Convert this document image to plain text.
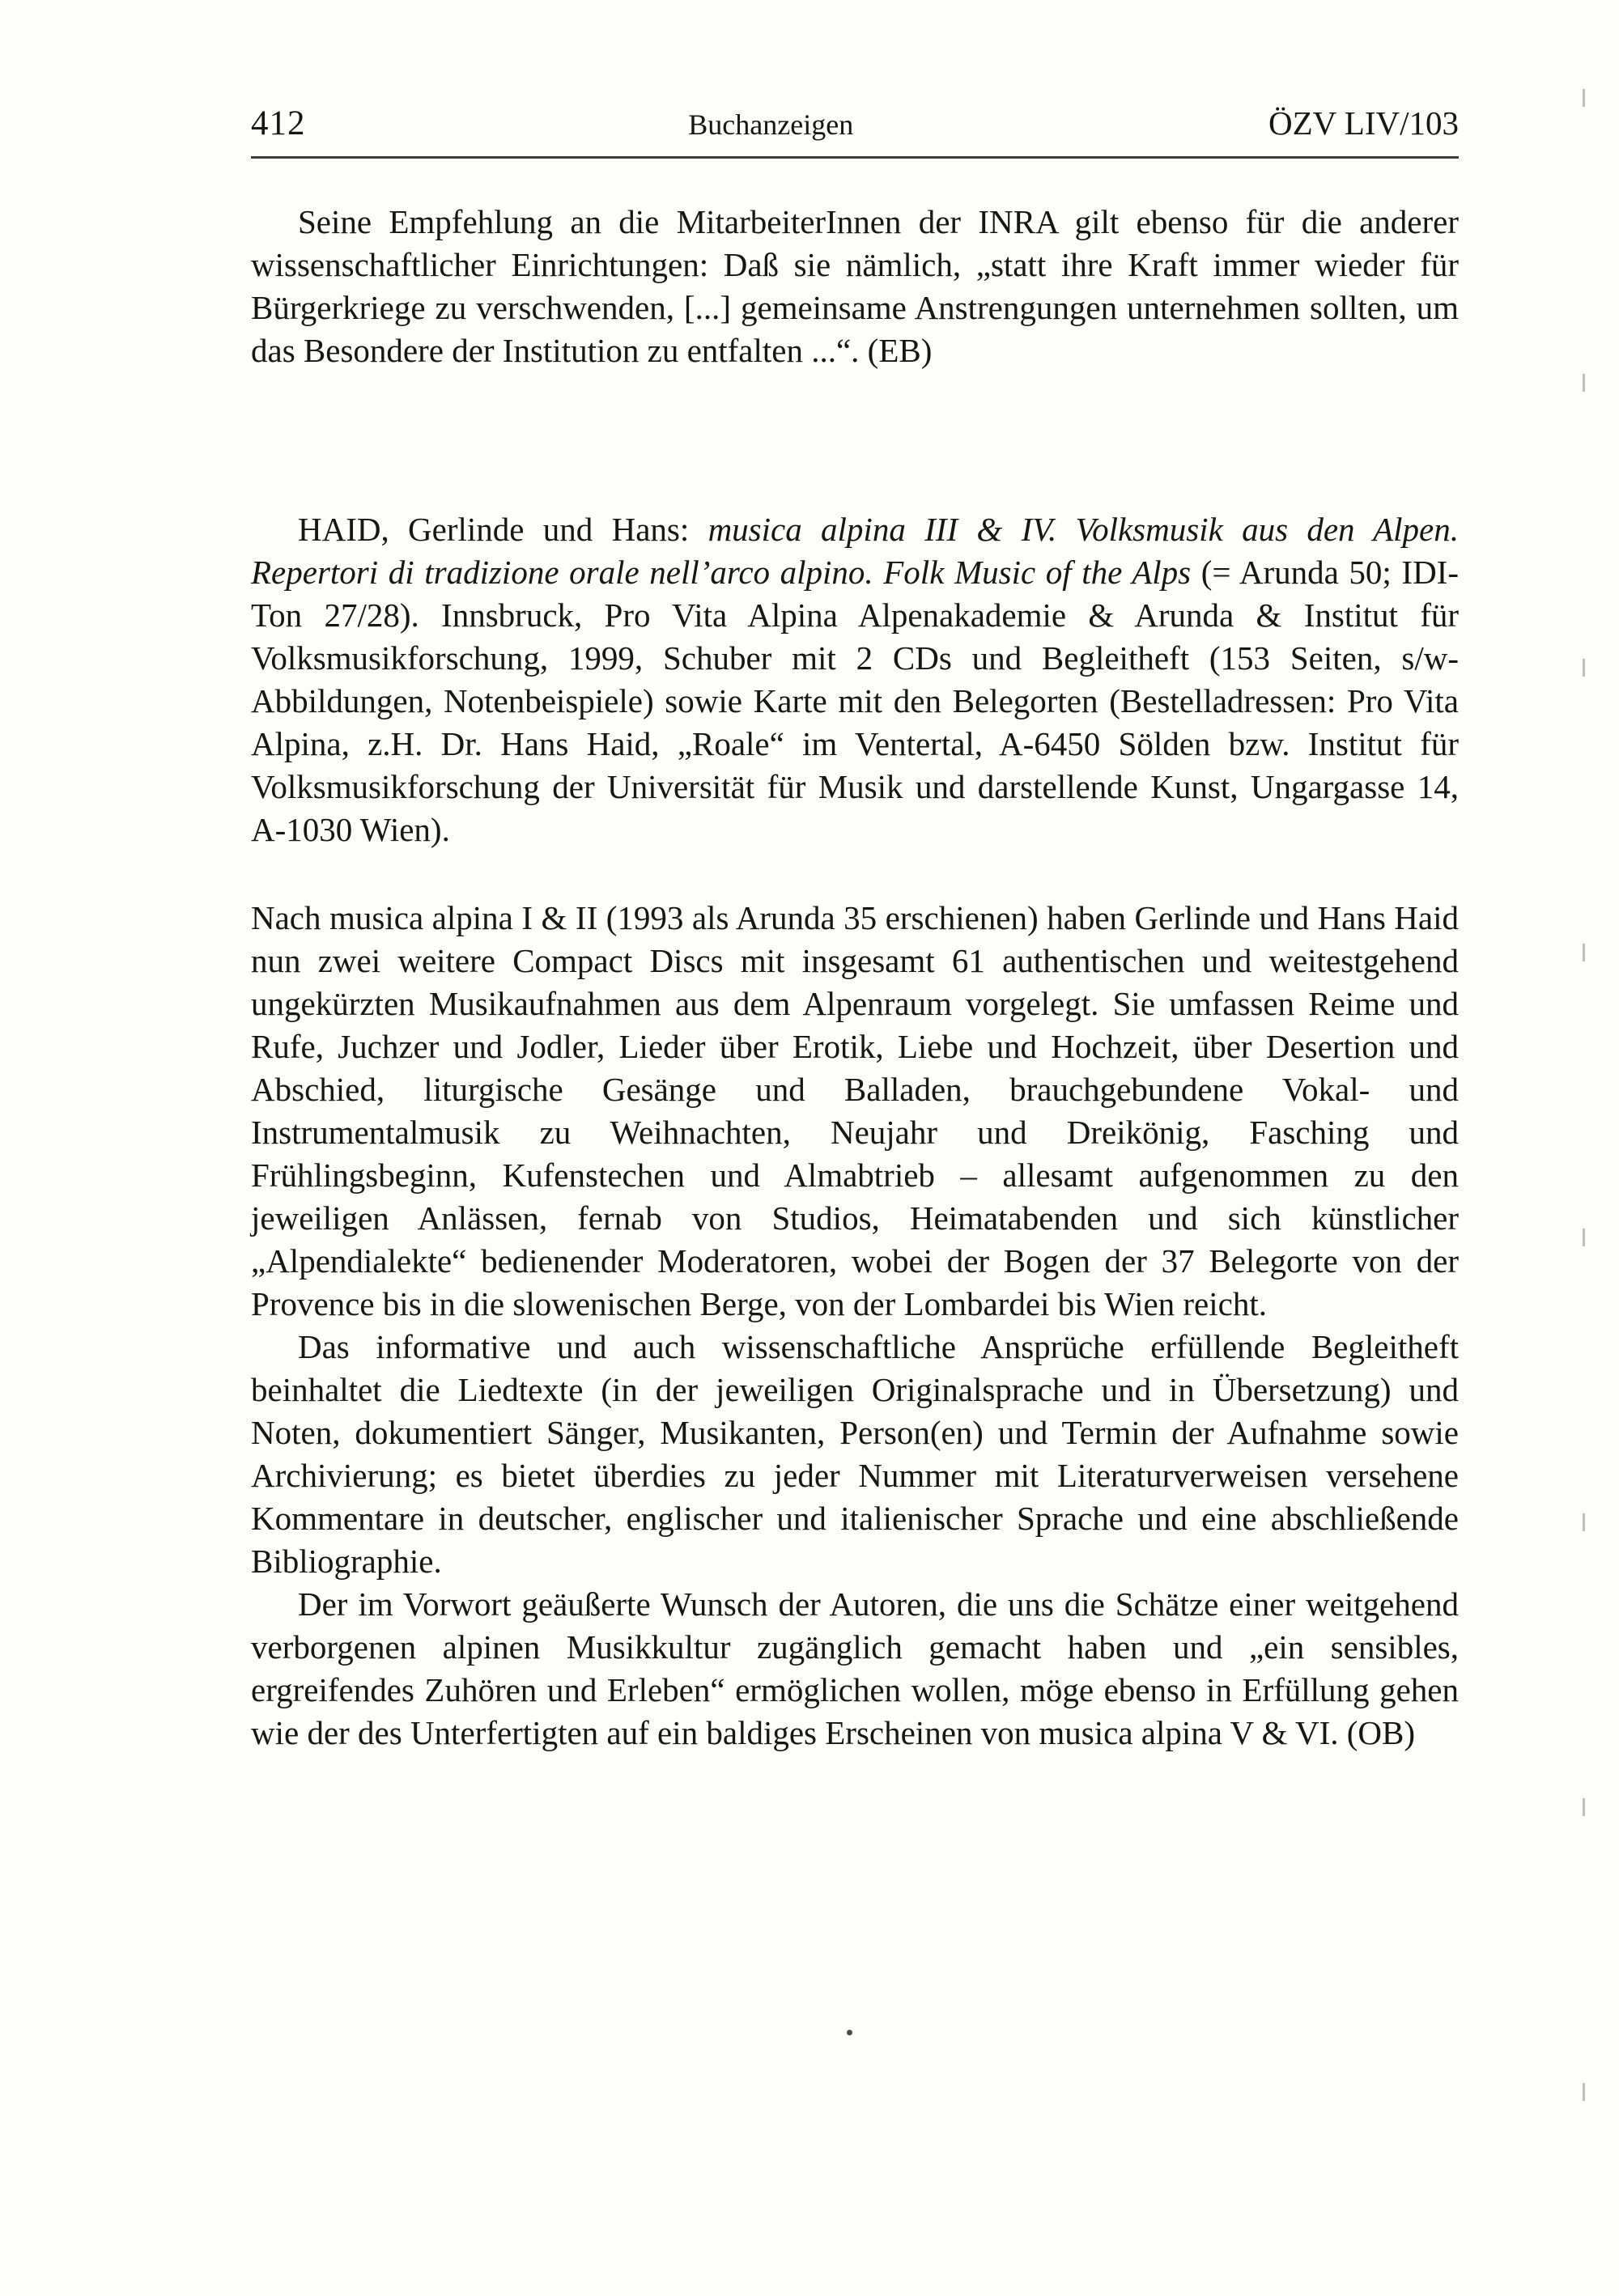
412	Buchanzeigen	ÖZV LIV/103

Seine Empfehlung an die MitarbeiterInnen der INRA gilt ebenso für die anderer wissenschaftlicher Einrichtungen: Daß sie nämlich, „statt ihre Kraft immer wieder für Bürgerkriege zu verschwenden, [...] gemeinsame Anstrengungen unternehmen sollten, um das Besondere der Institution zu entfalten ...“. (EB)

HAID, Gerlinde und Hans: musica alpina III & IV. Volksmusik aus den Alpen. Repertori di tradizione orale nell’arco alpino. Folk Music of the Alps (= Arunda 50; IDI-Ton 27/28). Innsbruck, Pro Vita Alpina Alpenakademie & Arunda & Institut für Volksmusikforschung, 1999, Schuber mit 2 CDs und Begleitheft (153 Seiten, s/w-Abbildungen, Notenbeispiele) sowie Karte mit den Belegorten (Bestelladressen: Pro Vita Alpina, z.H. Dr. Hans Haid, „Roale“ im Ventertal, A-6450 Sölden bzw. Institut für Volksmusikforschung der Universität für Musik und darstellende Kunst, Ungargasse 14, A-1030 Wien).

Nach musica alpina I & II (1993 als Arunda 35 erschienen) haben Gerlinde und Hans Haid nun zwei weitere Compact Discs mit insgesamt 61 authentischen und weitestgehend ungekürzten Musikaufnahmen aus dem Alpenraum vorgelegt. Sie umfassen Reime und Rufe, Juchzer und Jodler, Lieder über Erotik, Liebe und Hochzeit, über Desertion und Abschied, liturgische Gesänge und Balladen, brauchgebundene Vokal- und Instrumentalmusik zu Weihnachten, Neujahr und Dreikönig, Fasching und Frühlingsbeginn, Kufenstechen und Almabtrieb – allesamt aufgenommen zu den jeweiligen Anlässen, fernab von Studios, Heimatabenden und sich künstlicher „Alpendialekte“ bedienender Moderatoren, wobei der Bogen der 37 Belegorte von der Provence bis in die slowenischen Berge, von der Lombardei bis Wien reicht.

Das informative und auch wissenschaftliche Ansprüche erfüllende Begleitheft beinhaltet die Liedtexte (in der jeweiligen Originalsprache und in Übersetzung) und Noten, dokumentiert Sänger, Musikanten, Person(en) und Termin der Aufnahme sowie Archivierung; es bietet überdies zu jeder Nummer mit Literaturverweisen versehene Kommentare in deutscher, englischer und italienischer Sprache und eine abschließende Bibliographie.

Der im Vorwort geäußerte Wunsch der Autoren, die uns die Schätze einer weitgehend verborgenen alpinen Musikkultur zugänglich gemacht haben und „ein sensibles, ergreifendes Zuhören und Erleben“ ermöglichen wollen, möge ebenso in Erfüllung gehen wie der des Unterfertigten auf ein baldiges Erscheinen von musica alpina V & VI. (OB)
